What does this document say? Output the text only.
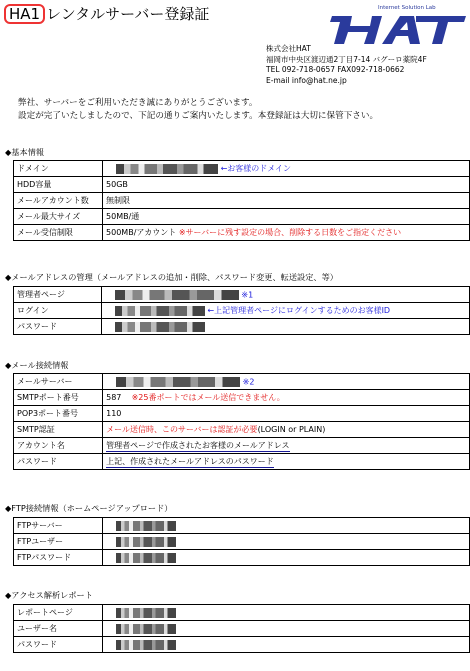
HA1 レンタルサーバー登録証	Internet Solution Lab
株式会社HAT
福岡市中央区渡辺通2丁目7-14 バグーロ薬院4F
TEL 092-718-0657 FAX092-718-0662
E-mail info@hat.ne.jp
弊社、サーバーをご利用いただき誠にありがとうございます。
設定が完了いたしましたので、下記の通りご案内いたします。本登録証は大切に保管下さい。
◆基本情報
ドメイン	←お客様のドメイン
HDD容量	50GB
メールアカウント数	無制限
メール最大サイズ	50MB/通
メール受信制限	500MB/アカウント ※サーバーに残す設定の場合、削除する日数をご指定ください
◆メールアドレスの管理（メールアドレスの追加・削除、パスワード変更、転送設定、等）
管理者ページ	※1
ログイン	←上記管理者ページにログインするためのお客様ID
パスワード	
◆メール接続情報
メールサーバー	※2
SMTPポート番号	587 ※25番ポートではメール送信できません。
POP3ポート番号	110
SMTP認証	メール送信時、このサーバーは認証が必要(LOGIN or PLAIN)
アカウント名	管理者ページで作成されたお客様のメールアドレス
パスワード	上記、作成されたメールアドレスのパスワード
◆FTP接続情報（ホームページアップロード）
FTPサーバー	
FTPユーザー	
FTPパスワード	
◆アクセス解析レポート
レポートページ	
ユーザー名	
パスワード	
